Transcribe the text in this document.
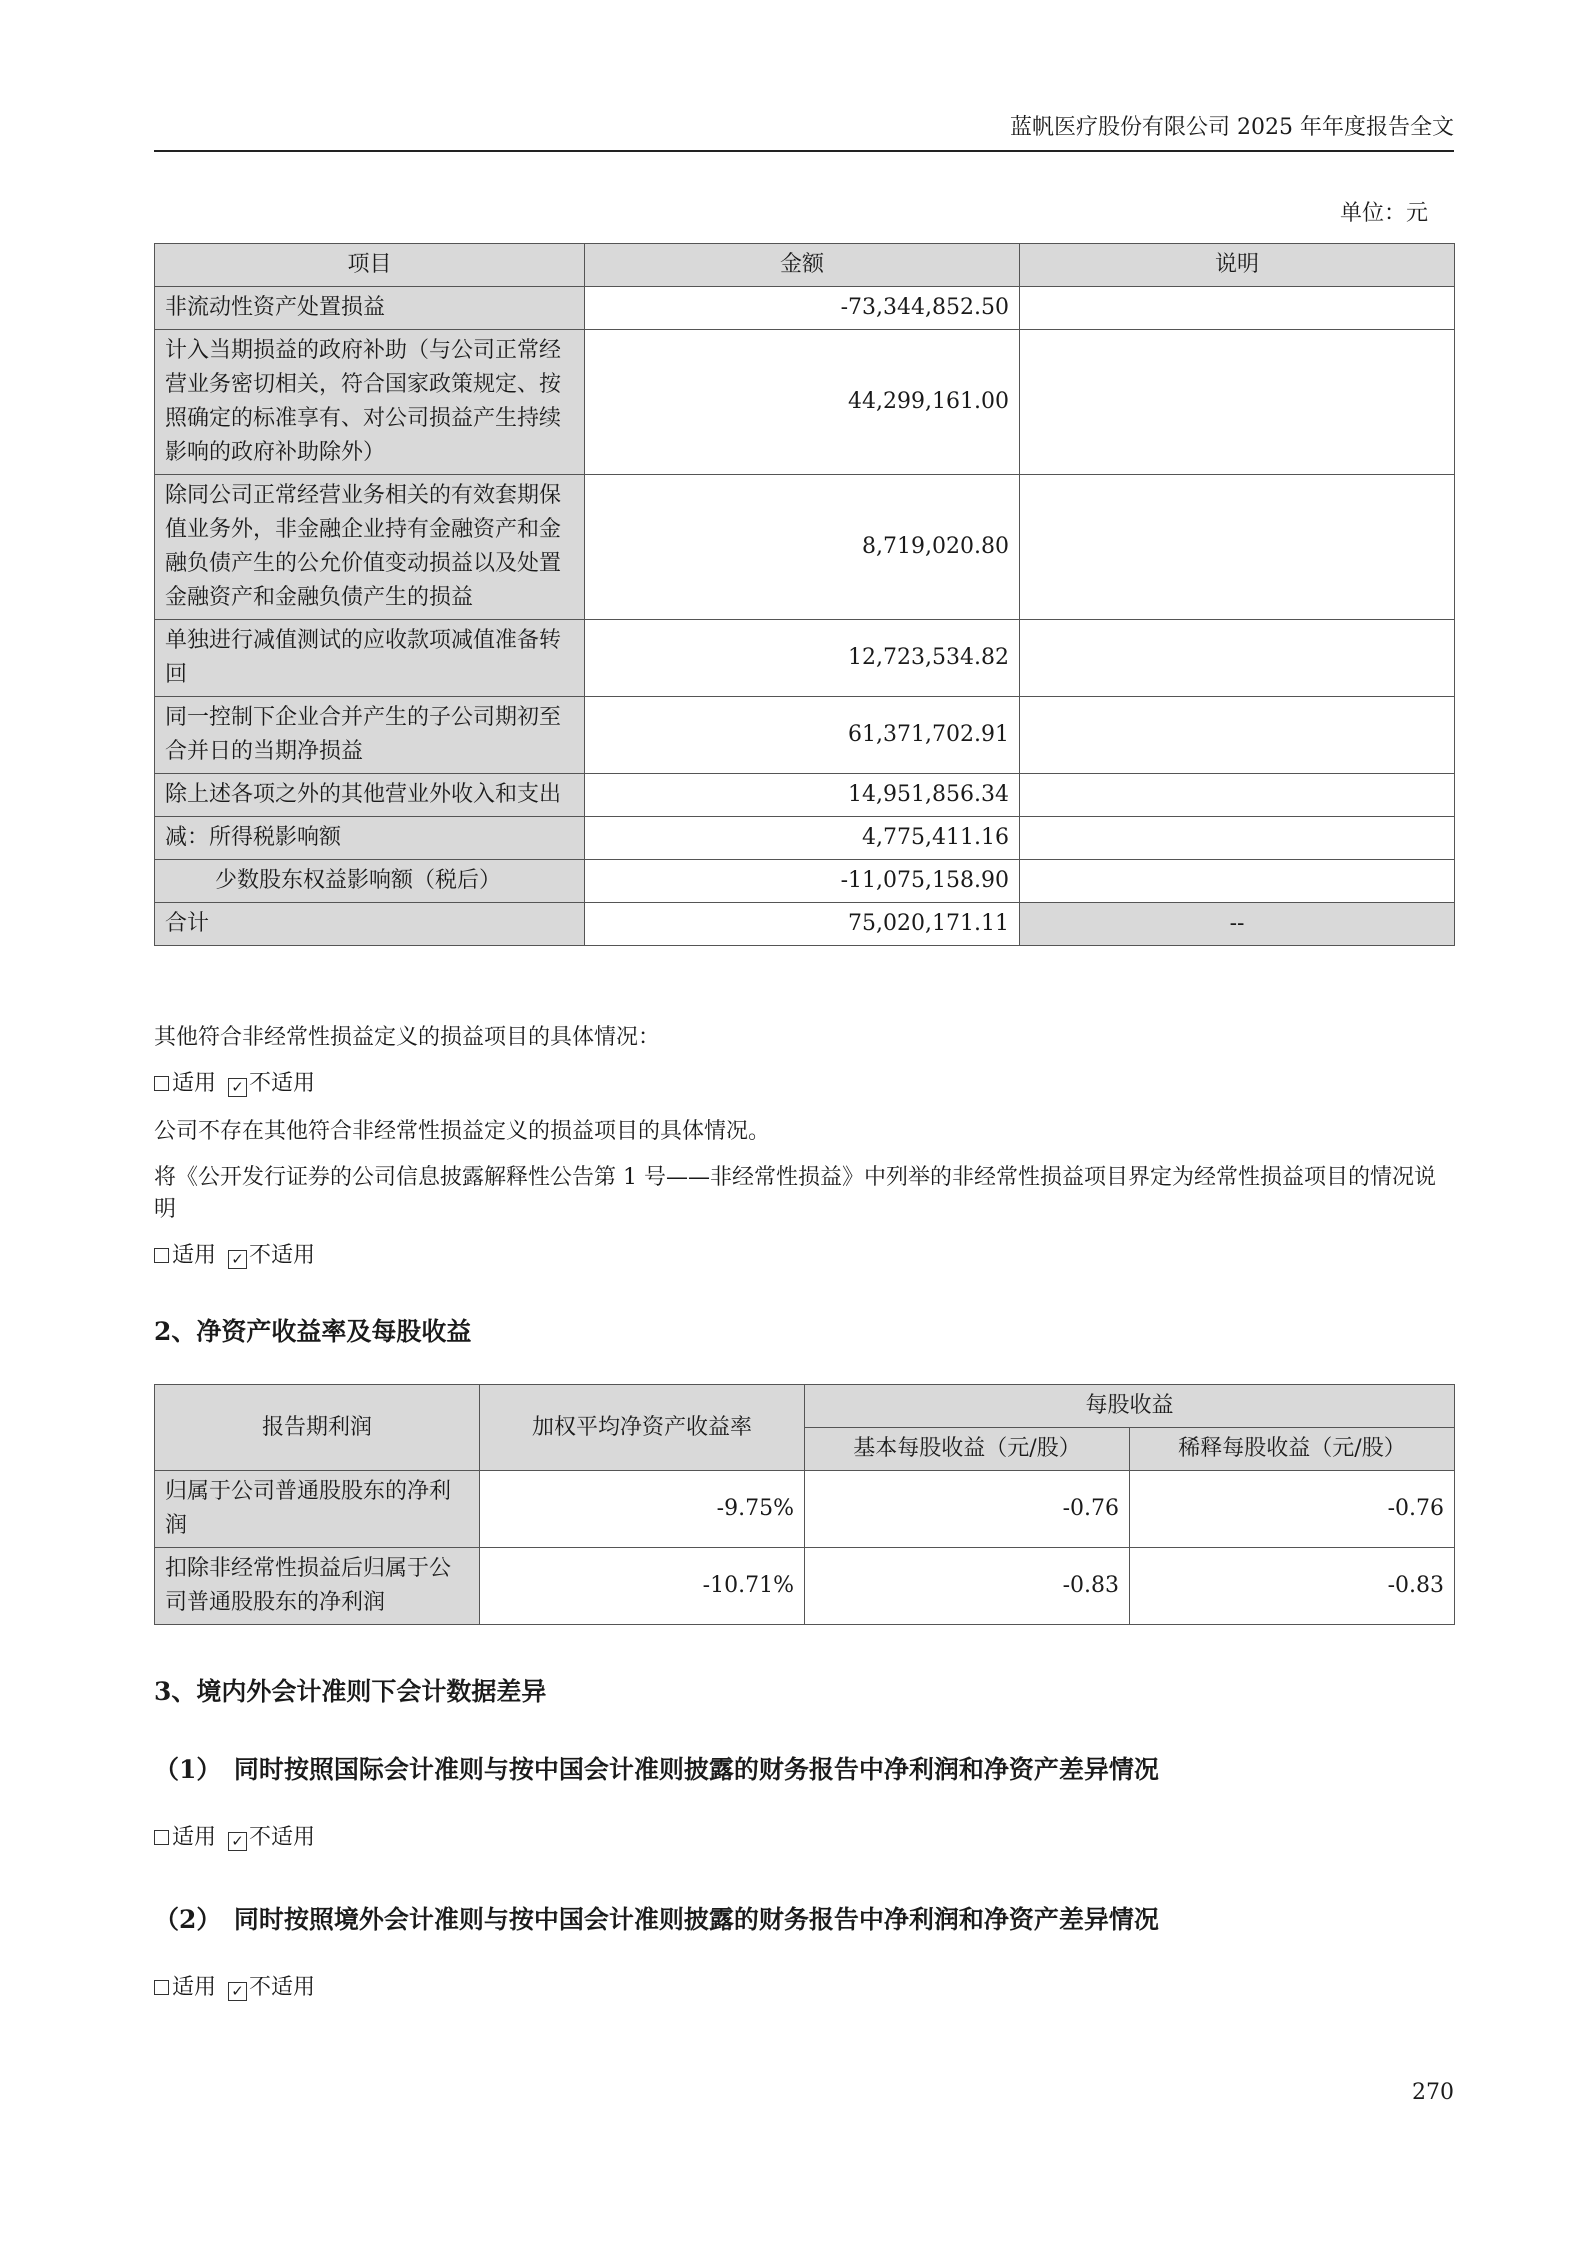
蓝帆医疗股份有限公司 2025 年年度报告全文
单位：元
项目	金额	说明
非流动性资产处置损益	-73,344,852.50	
计入当期损益的政府补助（与公司正常经营业务密切相关，符合国家政策规定、按照确定的标准享有、对公司损益产生持续影响的政府补助除外）	44,299,161.00	
除同公司正常经营业务相关的有效套期保值业务外，非金融企业持有金融资产和金融负债产生的公允价值变动损益以及处置金融资产和金融负债产生的损益	8,719,020.80	
单独进行减值测试的应收款项减值准备转回	12,723,534.82	
同一控制下企业合并产生的子公司期初至合并日的当期净损益	61,371,702.91	
除上述各项之外的其他营业外收入和支出	14,951,856.34	
减：所得税影响额	4,775,411.16	
少数股东权益影响额（税后）	-11,075,158.90	
合计	75,020,171.11	--
其他符合非经常性损益定义的损益项目的具体情况：
适用 ✓ 不适用
公司不存在其他符合非经常性损益定义的损益项目的具体情况。
将《公开发行证券的公司信息披露解释性公告第 1 号——非经常性损益》中列举的非经常性损益项目界定为经常性损益项目的情况说明
适用 ✓ 不适用
2、净资产收益率及每股收益
报告期利润	加权平均净资产收益率	每股收益	
		基本每股收益（元/股）	稀释每股收益（元/股）
归属于公司普通股股东的净利润	-9.75%	-0.76	-0.76
扣除非经常性损益后归属于公司普通股股东的净利润	-10.71%	-0.83	-0.83
3、境内外会计准则下会计数据差异
（1）　同时按照国际会计准则与按中国会计准则披露的财务报告中净利润和净资产差异情况
适用 ✓ 不适用
（2）　同时按照境外会计准则与按中国会计准则披露的财务报告中净利润和净资产差异情况
适用 ✓ 不适用
270
